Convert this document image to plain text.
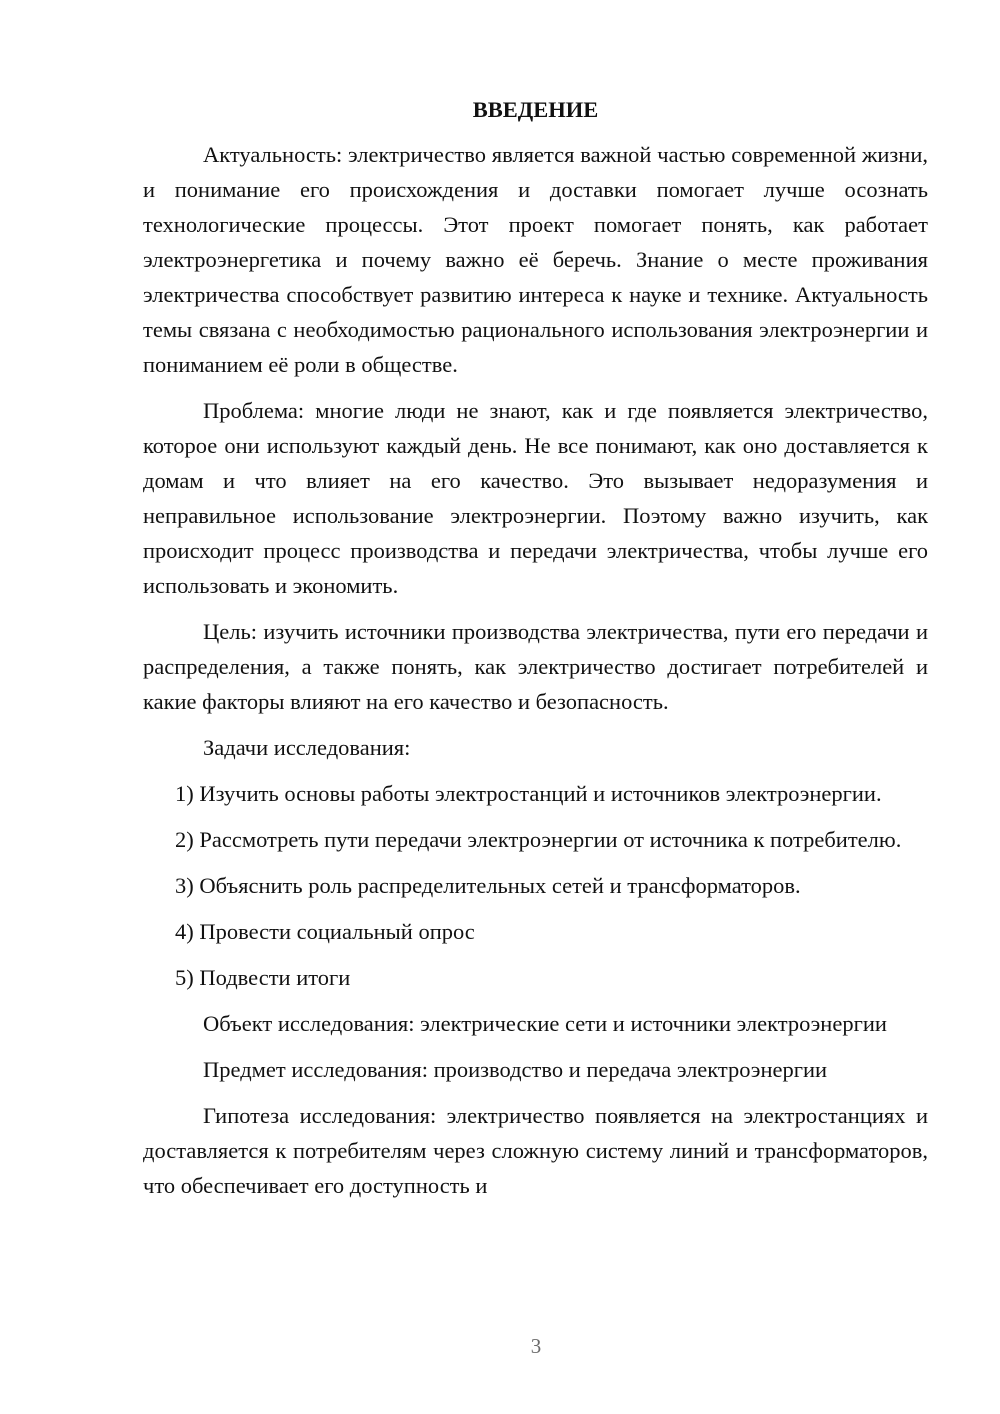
ВВЕДЕНИЕ

Актуальность: электричество является важной частью современной жизни, и понимание его происхождения и доставки помогает лучше осознать технологические процессы. Этот проект помогает понять, как работает электроэнергетика и почему важно её беречь. Знание о месте проживания электричества способствует развитию интереса к науке и технике. Актуальность темы связана с необходимостью рационального использования электроэнергии и пониманием её роли в обществе.

Проблема: многие люди не знают, как и где появляется электричество, которое они используют каждый день. Не все понимают, как оно доставляется к домам и что влияет на его качество. Это вызывает недоразумения и неправильное использование электроэнергии. Поэтому важно изучить, как происходит процесс производства и передачи электричества, чтобы лучше его использовать и экономить.

Цель: изучить источники производства электричества, пути его передачи и распределения, а также понять, как электричество достигает потребителей и какие факторы влияют на его качество и безопасность.

Задачи исследования:

1) Изучить основы работы электростанций и источников электроэнергии.

2) Рассмотреть пути передачи электроэнергии от источника к потребителю.

3) Объяснить роль распределительных сетей и трансформаторов.

4) Провести социальный опрос

5) Подвести итоги

Объект исследования: электрические сети и источники электроэнергии

Предмет исследования: производство и передача электроэнергии

Гипотеза исследования: электричество появляется на электростанциях и доставляется к потребителям через сложную систему линий и трансформаторов, что обеспечивает его доступность и

3
